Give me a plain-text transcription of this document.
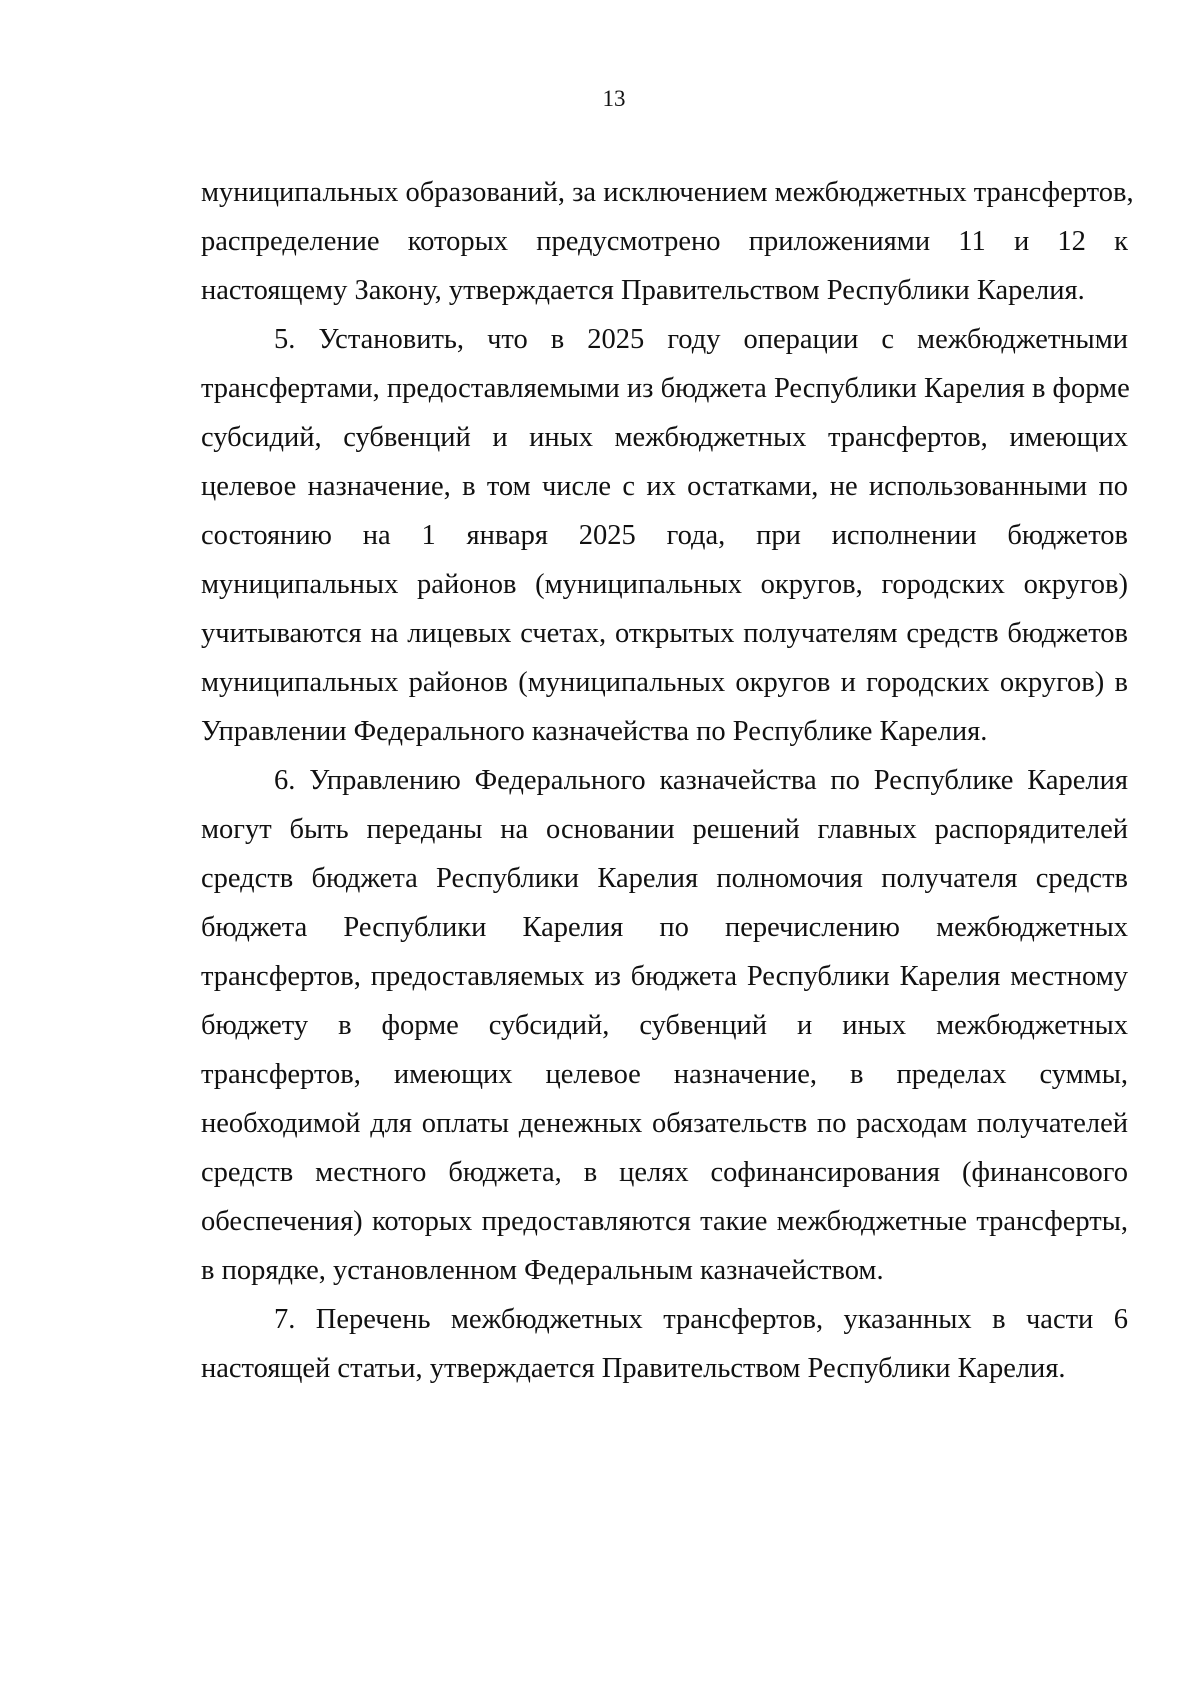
13

муниципальных образований, за исключением межбюджетных трансфертов,
распределение которых предусмотрено приложениями 11 и 12 к
настоящему Закону, утверждается Правительством Республики Карелия.

5. Установить, что в 2025 году операции с межбюджетными
трансфертами, предоставляемыми из бюджета Республики Карелия в форме
субсидий, субвенций и иных межбюджетных трансфертов, имеющих
целевое назначение, в том числе с их остатками, не использованными по
состоянию на 1 января 2025 года, при исполнении бюджетов
муниципальных районов (муниципальных округов, городских округов)
учитываются на лицевых счетах, открытых получателям средств бюджетов
муниципальных районов (муниципальных округов и городских округов) в
Управлении Федерального казначейства по Республике Карелия.

6. Управлению Федерального казначейства по Республике Карелия
могут быть переданы на основании решений главных распорядителей
средств бюджета Республики Карелия полномочия получателя средств
бюджета Республики Карелия по перечислению межбюджетных
трансфертов, предоставляемых из бюджета Республики Карелия местному
бюджету в форме субсидий, субвенций и иных межбюджетных
трансфертов, имеющих целевое назначение, в пределах суммы,
необходимой для оплаты денежных обязательств по расходам получателей
средств местного бюджета, в целях софинансирования (финансового
обеспечения) которых предоставляются такие межбюджетные трансферты,
в порядке, установленном Федеральным казначейством.

7. Перечень межбюджетных трансфертов, указанных в части 6
настоящей статьи, утверждается Правительством Республики Карелия.
